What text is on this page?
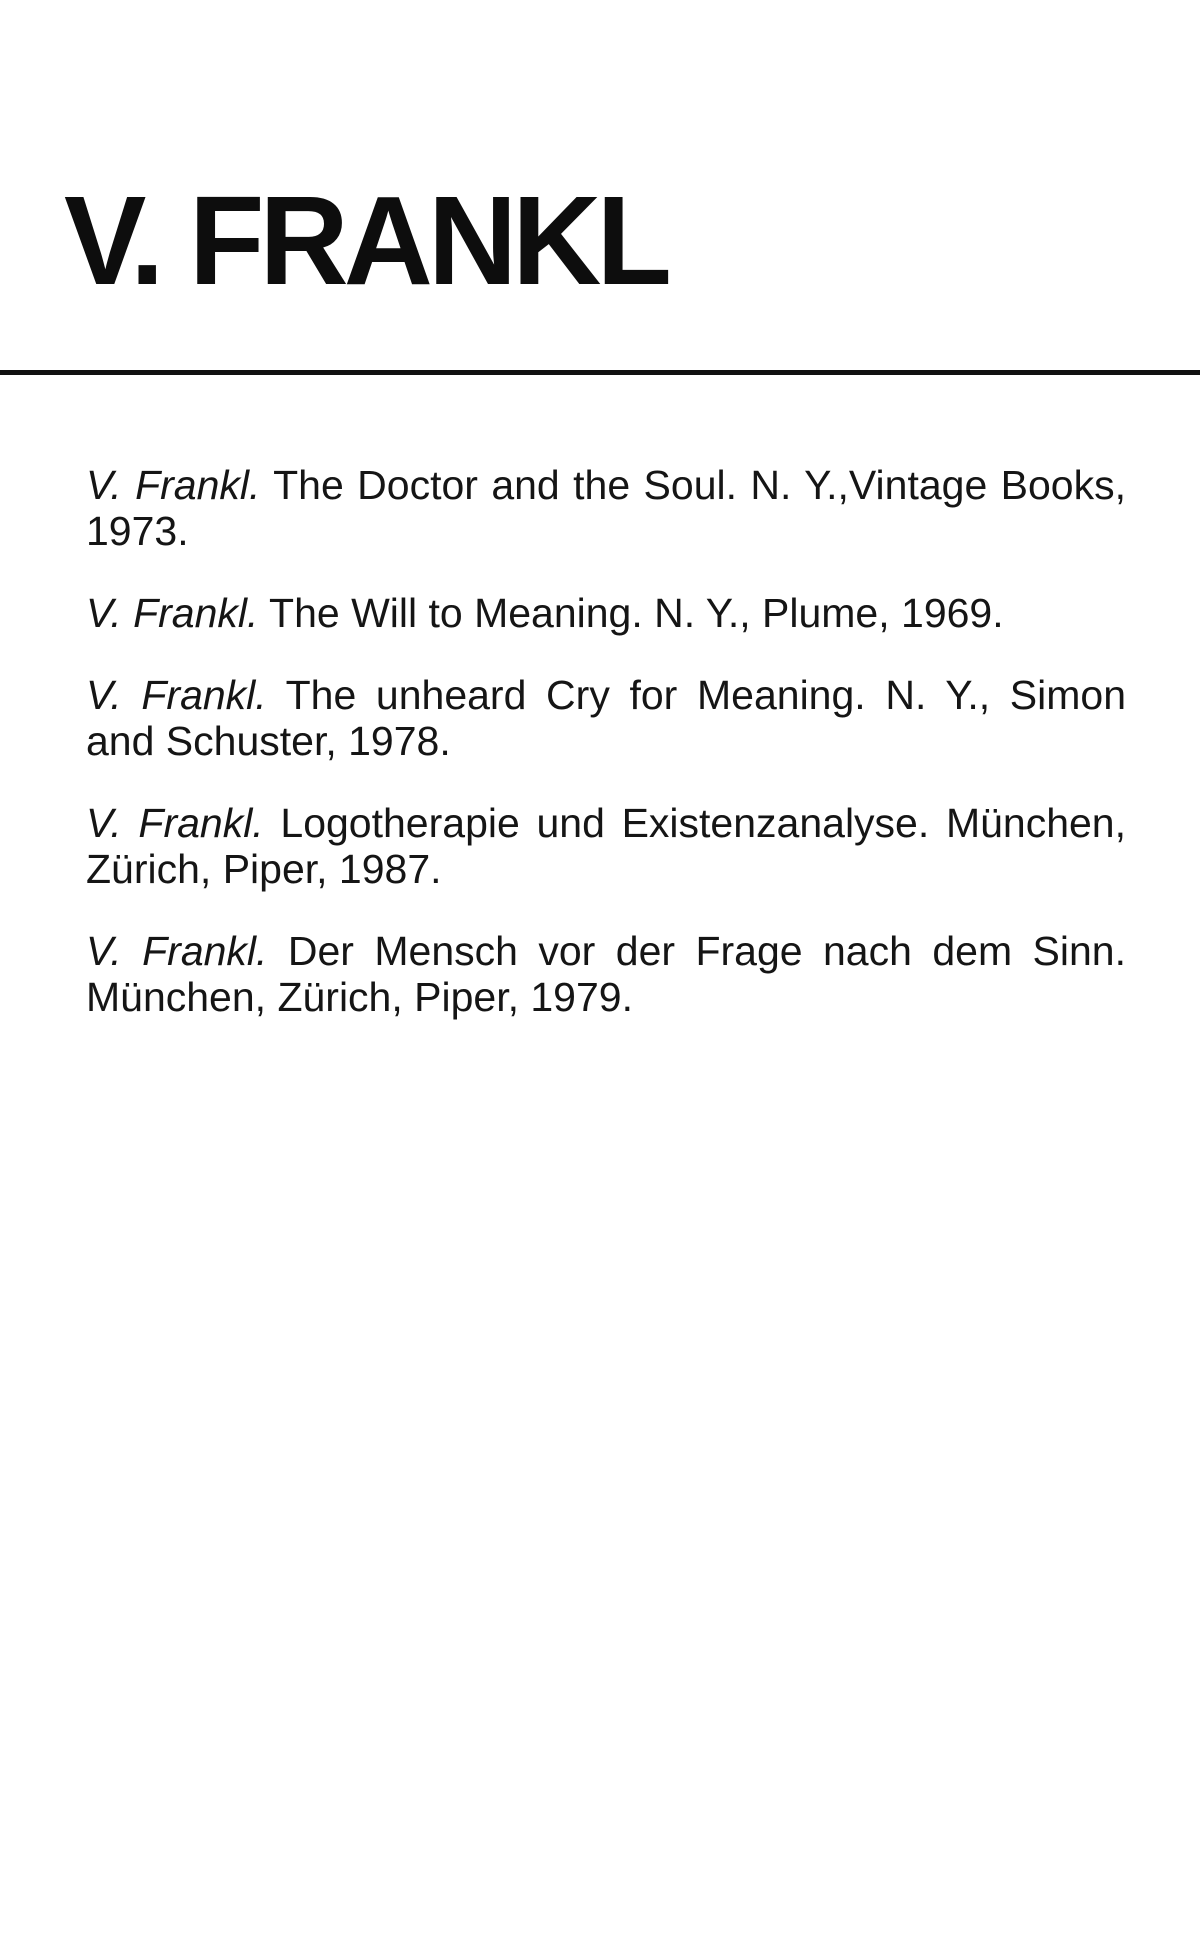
V. FRANKL
V. Frankl. The Doctor and the Soul. N. Y.,Vintage Books, 1973.
V. Frankl. The Will to Meaning. N. Y., Plume, 1969.
V. Frankl. The unheard Cry for Meaning. N. Y., Simon and Schuster, 1978.
V. Frankl. Logotherapie und Existenzanalyse. München, Zürich, Piper, 1987.
V. Frankl. Der Mensch vor der Frage nach dem Sinn. München, Zürich, Piper, 1979.
